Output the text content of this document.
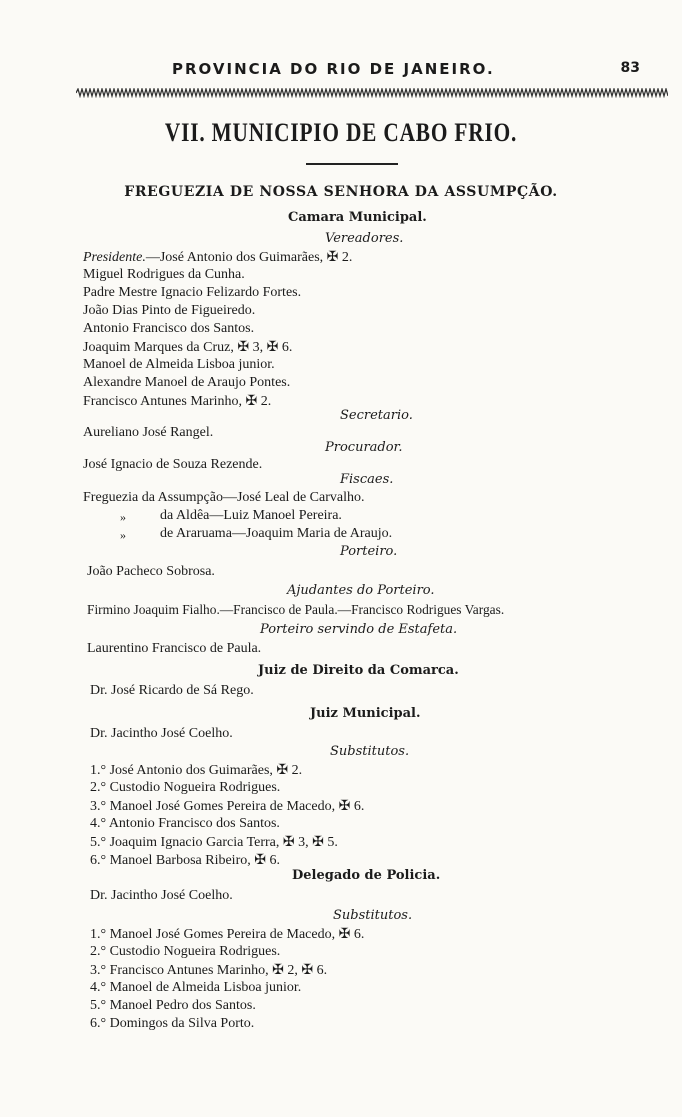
PROVINCIA DO RIO DE JANEIRO.	83
VII. MUNICIPIO DE CABO FRIO.
FREGUEZIA DE NOSSA SENHORA DA ASSUMPÇÃO.
Camara Municipal.
Vereadores.
Presidente.—José Antonio dos Guimarães, ✠ 2.
Miguel Rodrigues da Cunha.
Padre Mestre Ignacio Felizardo Fortes.
João Dias Pinto de Figueiredo.
Antonio Francisco dos Santos.
Joaquim Marques da Cruz, ✠ 3, ✠ 6.
Manoel de Almeida Lisboa junior.
Alexandre Manoel de Araujo Pontes.
Francisco Antunes Marinho, ✠ 2.
Secretario.
Aureliano José Rangel.
Procurador.
José Ignacio de Souza Rezende.
Fiscaes.
Freguezia da Assumpção—José Leal de Carvalho.
» da Aldêa—Luiz Manoel Pereira.
» de Araruama—Joaquim Maria de Araujo.
Porteiro.
João Pacheco Sobrosa.
Ajudantes do Porteiro.
Firmino Joaquim Fialho.—Francisco de Paula.—Francisco Rodrigues Vargas.
Porteiro servindo de Estafeta.
Laurentino Francisco de Paula.
Juiz de Direito da Comarca.
Dr. José Ricardo de Sá Rego.
Juiz Municipal.
Dr. Jacintho José Coelho.
Substitutos.
1.° José Antonio dos Guimarães, ✠ 2.
2.° Custodio Nogueira Rodrigues.
3.° Manoel José Gomes Pereira de Macedo, ✠ 6.
4.° Antonio Francisco dos Santos.
5.° Joaquim Ignacio Garcia Terra, ✠ 3, ✠ 5.
6.° Manoel Barbosa Ribeiro, ✠ 6.
Delegado de Policia.
Dr. Jacintho José Coelho.
Substitutos.
1.° Manoel José Gomes Pereira de Macedo, ✠ 6.
2.° Custodio Nogueira Rodrigues.
3.° Francisco Antunes Marinho, ✠ 2, ✠ 6.
4.° Manoel de Almeida Lisboa junior.
5.° Manoel Pedro dos Santos.
6.° Domingos da Silva Porto.
